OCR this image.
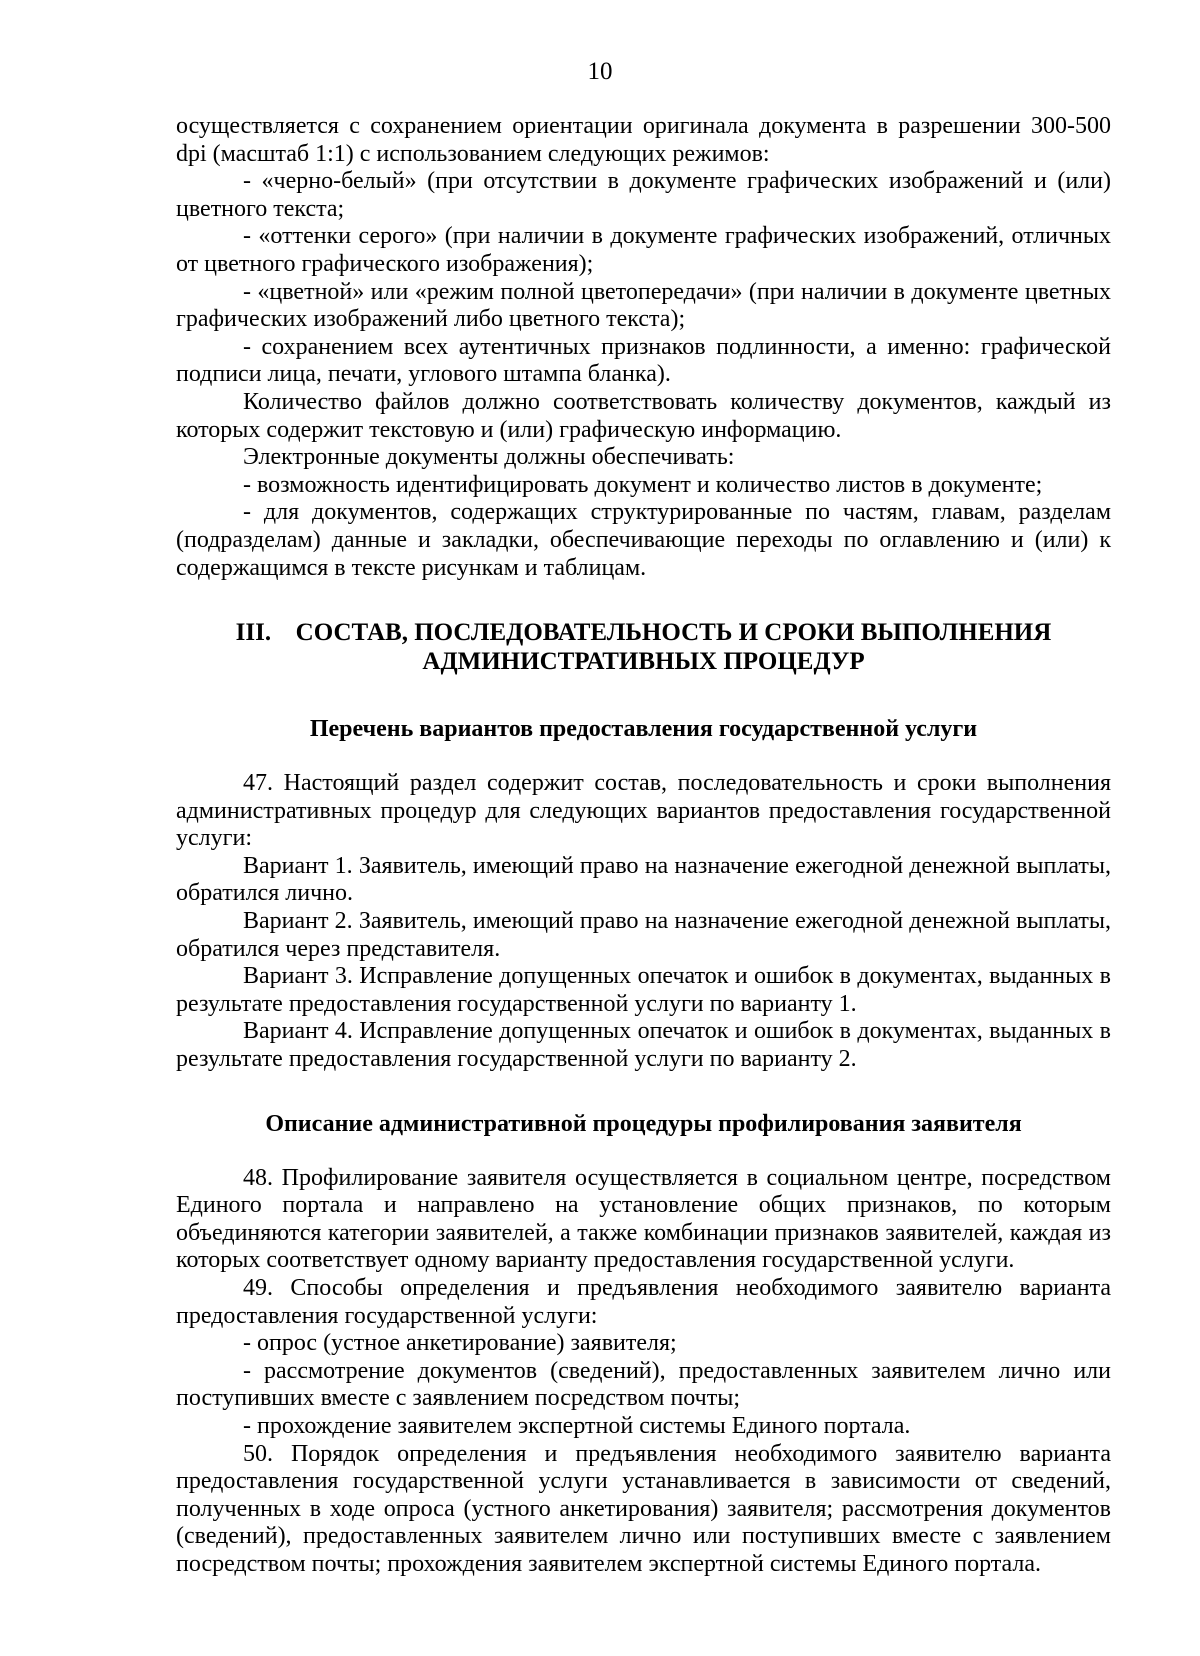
10

осуществляется с сохранением ориентации оригинала документа в разрешении 300-500 dpi (масштаб 1:1) с использованием следующих режимов:

- «черно-белый» (при отсутствии в документе графических изображений и (или) цветного текста;

- «оттенки серого» (при наличии в документе графических изображений, отличных от цветного графического изображения);

- «цветной» или «режим полной цветопередачи» (при наличии в документе цветных графических изображений либо цветного текста);

- сохранением всех аутентичных признаков подлинности, а именно: графической подписи лица, печати, углового штампа бланка).

Количество файлов должно соответствовать количеству документов, каждый из которых содержит текстовую и (или) графическую информацию.

Электронные документы должны обеспечивать:

- возможность идентифицировать документ и количество листов в документе;

- для документов, содержащих структурированные по частям, главам, разделам (подразделам) данные и закладки, обеспечивающие переходы по оглавлению и (или) к содержащимся в тексте рисункам и таблицам.

III. СОСТАВ, ПОСЛЕДОВАТЕЛЬНОСТЬ И СРОКИ ВЫПОЛНЕНИЯ
АДМИНИСТРАТИВНЫХ ПРОЦЕДУР

Перечень вариантов предоставления государственной услуги

47. Настоящий раздел содержит состав, последовательность и сроки выполнения административных процедур для следующих вариантов предоставления государственной услуги:

Вариант 1. Заявитель, имеющий право на назначение ежегодной денежной выплаты, обратился лично.

Вариант 2. Заявитель, имеющий право на назначение ежегодной денежной выплаты, обратился через представителя.

Вариант 3. Исправление допущенных опечаток и ошибок в документах, выданных в результате предоставления государственной услуги по варианту 1.

Вариант 4. Исправление допущенных опечаток и ошибок в документах, выданных в результате предоставления государственной услуги по варианту 2.

Описание административной процедуры профилирования заявителя

48. Профилирование заявителя осуществляется в социальном центре, посредством Единого портала и направлено на установление общих признаков, по которым объединяются категории заявителей, а также комбинации признаков заявителей, каждая из которых соответствует одному варианту предоставления государственной услуги.

49. Способы определения и предъявления необходимого заявителю варианта предоставления государственной услуги:

- опрос (устное анкетирование) заявителя;

- рассмотрение документов (сведений), предоставленных заявителем лично или поступивших вместе с заявлением посредством почты;

- прохождение заявителем экспертной системы Единого портала.

50. Порядок определения и предъявления необходимого заявителю варианта предоставления государственной услуги устанавливается в зависимости от сведений, полученных в ходе опроса (устного анкетирования) заявителя; рассмотрения документов (сведений), предоставленных заявителем лично или поступивших вместе с заявлением посредством почты; прохождения заявителем экспертной системы Единого портала.
